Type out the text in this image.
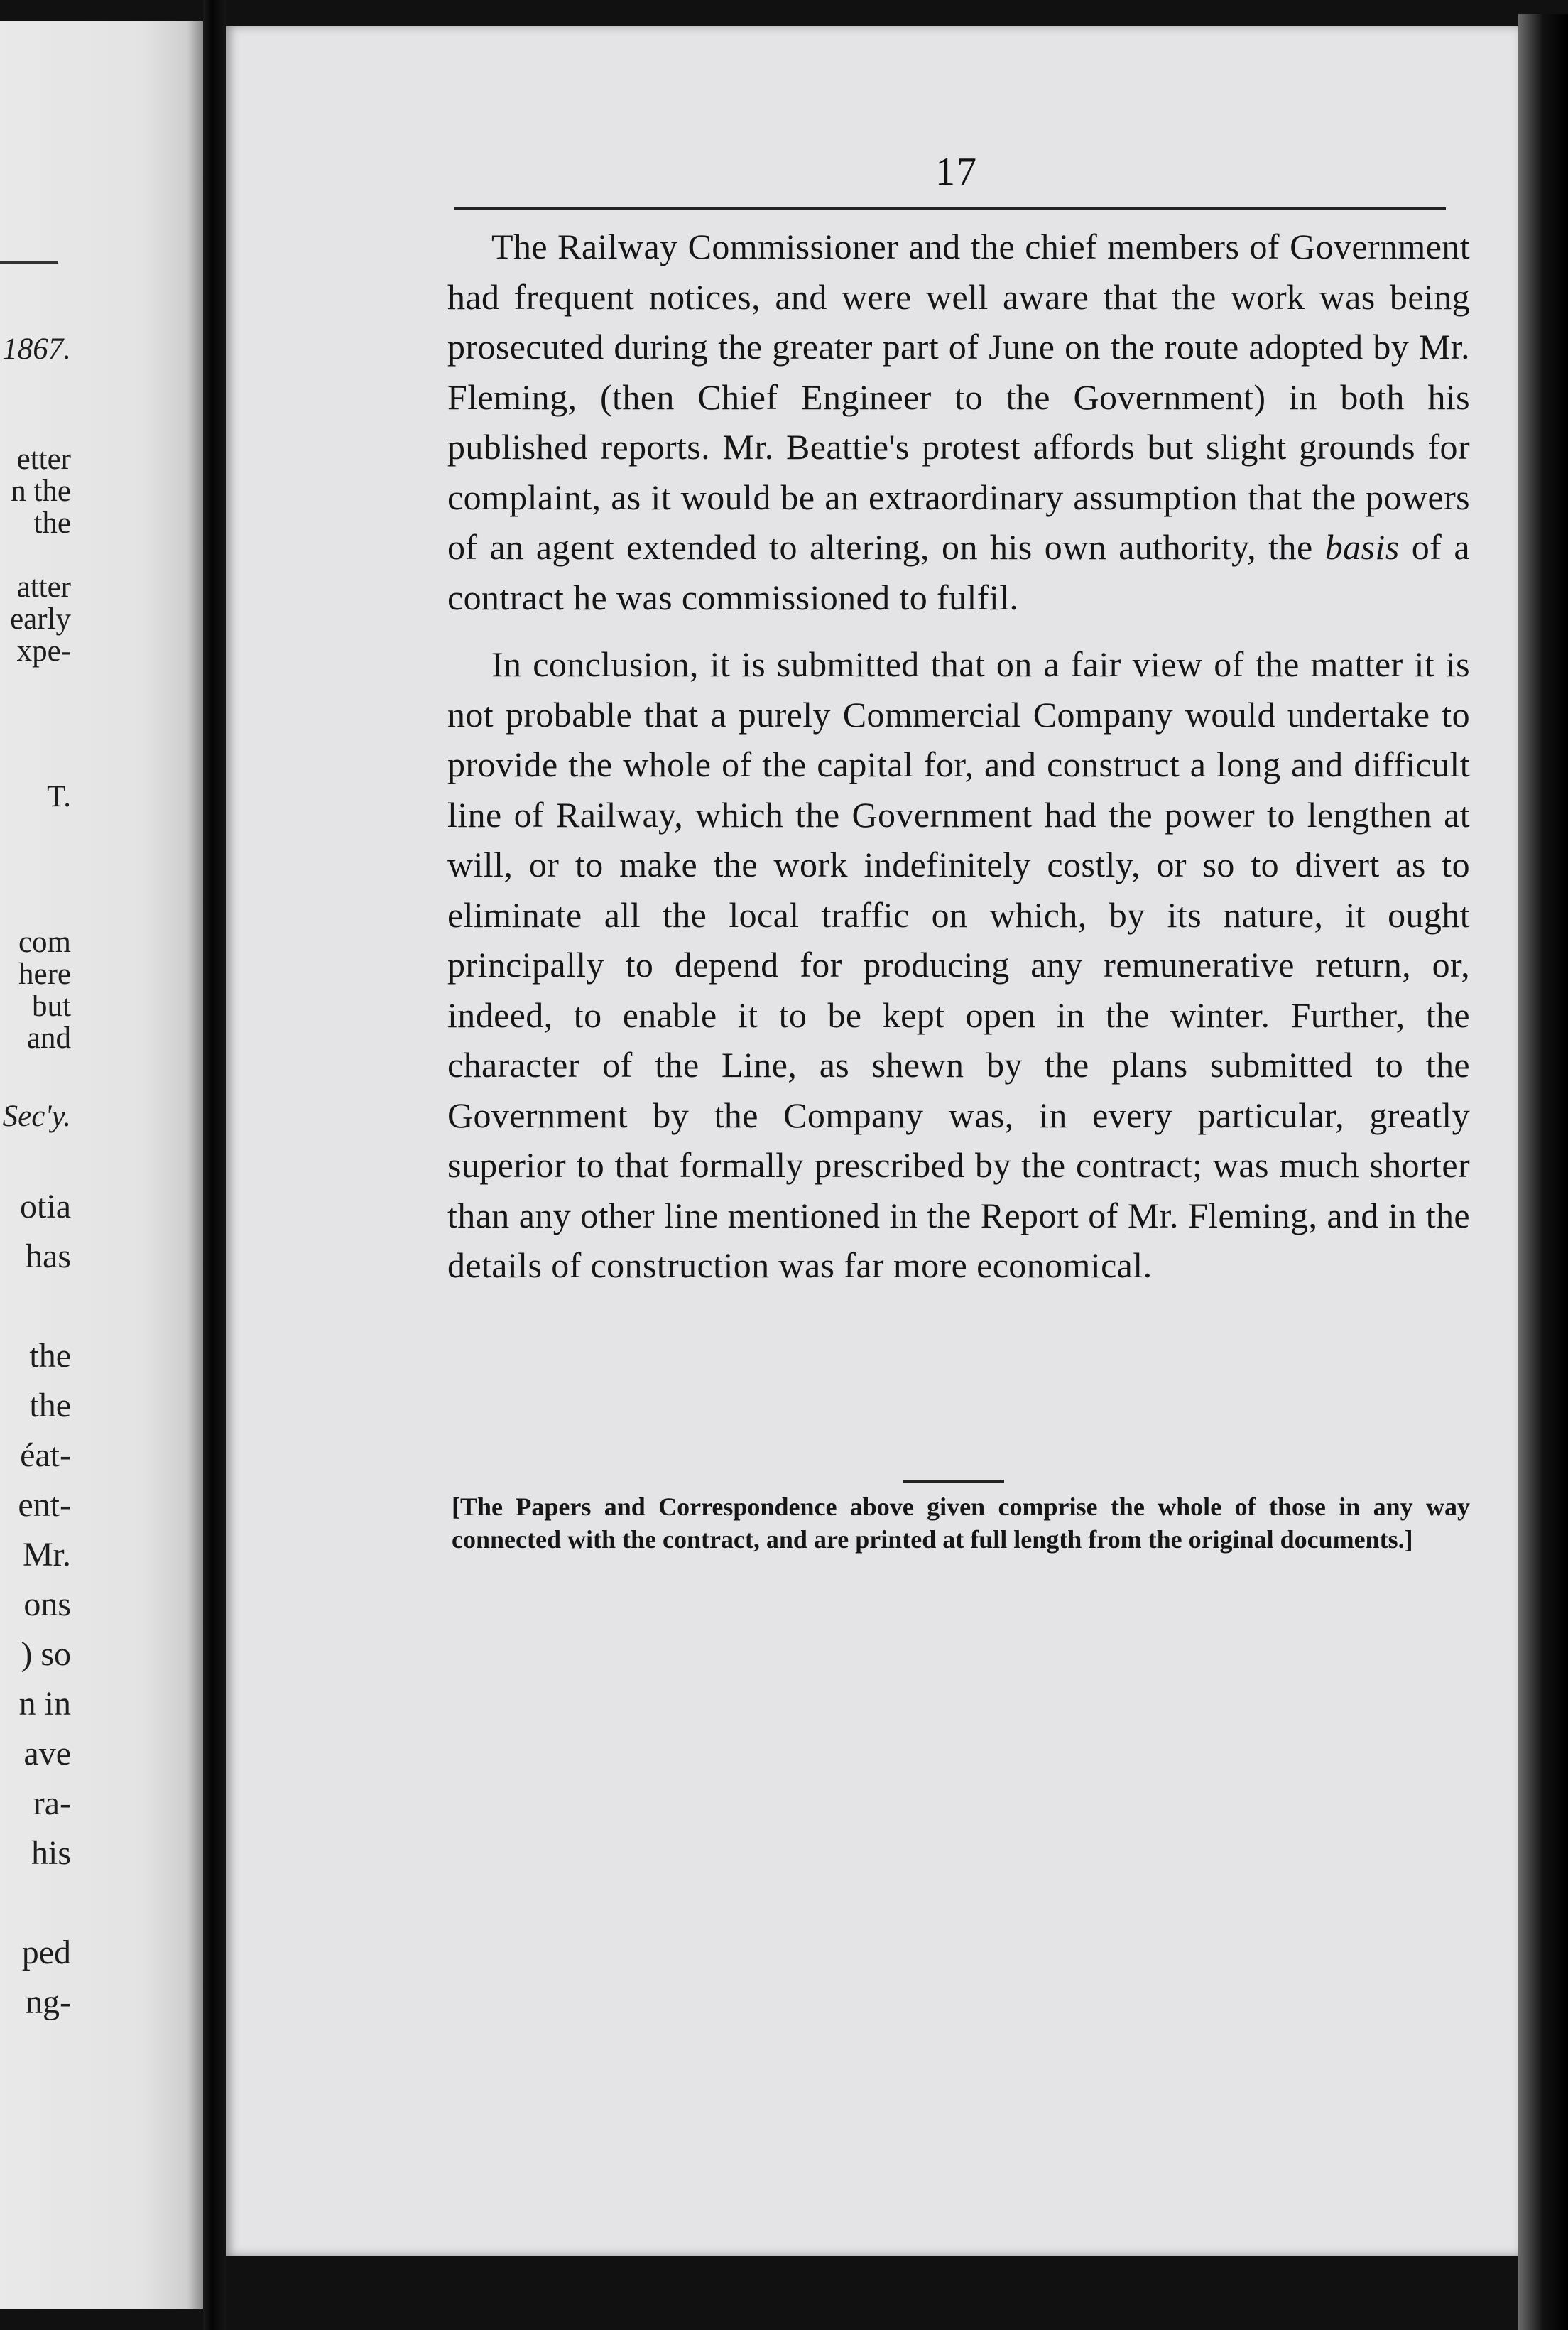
1867.
etter
n the
the
atter
early
xpe-
T.
com
here
but
and
Sec'y.
otia
has
the
the
éat-
ent-
Mr.
ons
) so
n in
ave
ra-
his
ped
ng-
17

The Railway Commissioner and the chief members of Government had frequent notices, and were well aware that the work was being prosecuted during the greater part of June on the route adopted by Mr. Fleming, (then Chief Engineer to the Government) in both his published reports. Mr. Beattie's protest affords but slight grounds for complaint, as it would be an extraordinary assumption that the powers of an agent extended to altering, on his own authority, the basis of a contract he was commissioned to fulfil.

In conclusion, it is submitted that on a fair view of the matter it is not probable that a purely Commercial Company would undertake to provide the whole of the capital for, and construct a long and difficult line of Railway, which the Government had the power to lengthen at will, or to make the work indefinitely costly, or so to divert as to eliminate all the local traffic on which, by its nature, it ought principally to depend for producing any remunerative return, or, indeed, to enable it to be kept open in the winter. Further, the character of the Line, as shewn by the plans submitted to the Government by the Company was, in every particular, greatly superior to that formally prescribed by the contract; was much shorter than any other line mentioned in the Report of Mr. Fleming, and in the details of construction was far more economical.

[The Papers and Correspondence above given comprise the whole of those in any way connected with the contract, and are printed at full length from the original documents.]
